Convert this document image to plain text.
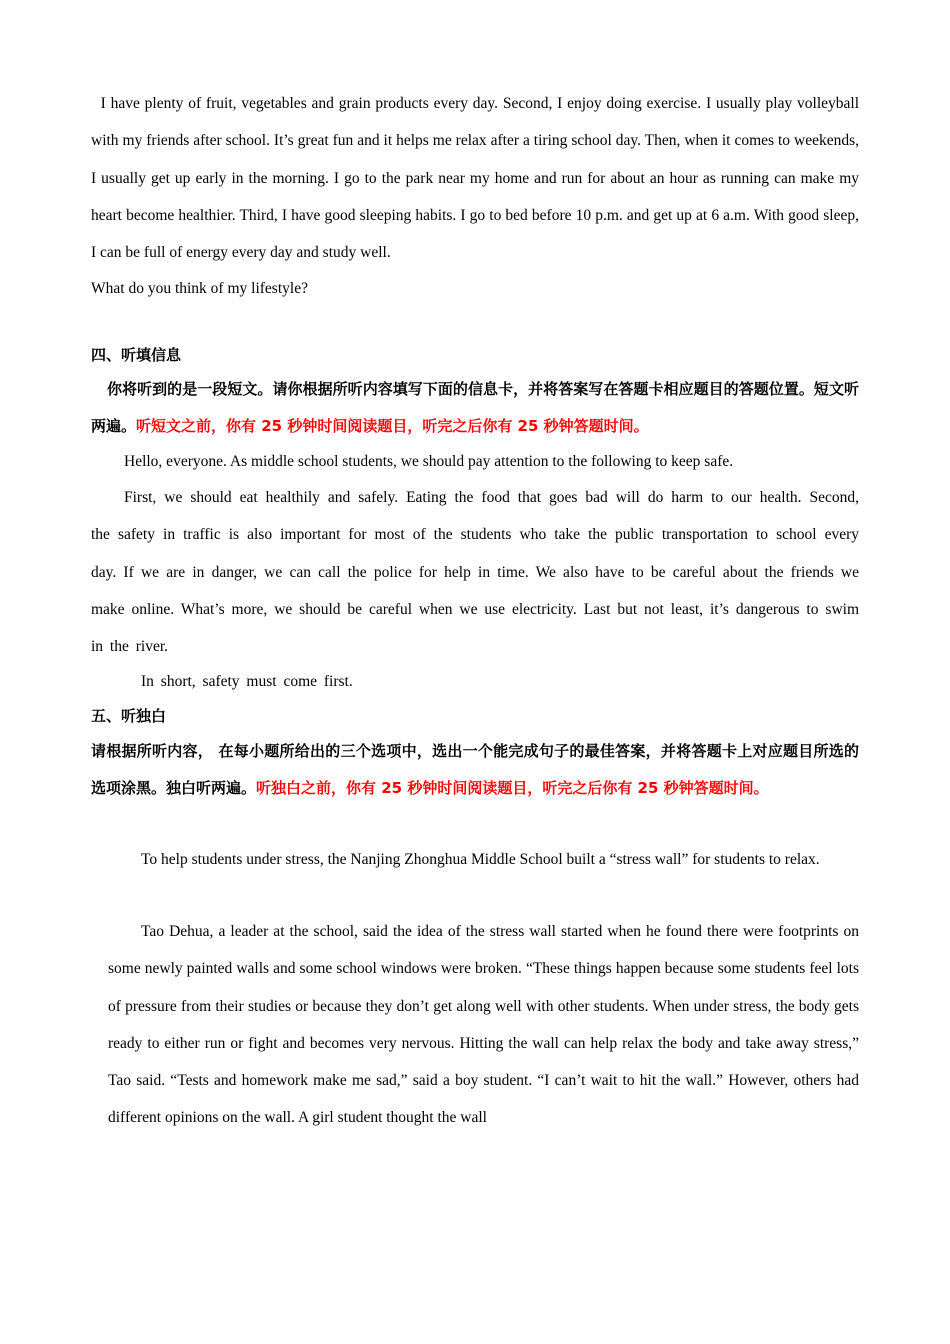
I have plenty of fruit, vegetables and grain products every day. Second, I enjoy doing exercise. I usually play volleyball with my friends after school. It’s great fun and it helps me relax after a tiring school day. Then, when it comes to weekends, I usually get up early in the morning. I go to the park near my home and run for about an hour as running can make my heart become healthier. Third, I have good sleeping habits. I go to bed before 10 p.m. and get up at 6 a.m. With good sleep, I can be full of energy every day and study well.

What do you think of my lifestyle?

四、听填信息

你将听到的是一段短文。请你根据所听内容填写下面的信息卡，并将答案写在答题卡相应题目的答题位置。短文听两遍。听短文之前，你有 25 秒钟时间阅读题目，听完之后你有 25 秒钟答题时间。

Hello, everyone. As middle school students, we should pay attention to the following to keep safe.

First, we should eat healthily and safely. Eating the food that goes bad will do harm to our health. Second, the safety in traffic is also important for most of the students who take the public transportation to school every day. If we are in danger, we can call the police for help in time. We also have to be careful about the friends we make online. What’s more, we should be careful when we use electricity. Last but not least, it’s dangerous to swim in the river.

In short, safety must come first.

五、听独白

请根据所听内容， 在每小题所给出的三个选项中，选出一个能完成句子的最佳答案，并将答题卡上对应题目所选的选项涂黑。独白听两遍。听独白之前，你有 25 秒钟时间阅读题目，听完之后你有 25 秒钟答题时间。

To help students under stress, the Nanjing Zhonghua Middle School built a “stress wall” for students to relax.

Tao Dehua, a leader at the school, said the idea of the stress wall started when he found there were footprints on some newly painted walls and some school windows were broken. “These things happen because some students feel lots of pressure from their studies or because they don’t get along well with other students. When under stress, the body gets ready to either run or fight and becomes very nervous. Hitting the wall can help relax the body and take away stress,” Tao said. “Tests and homework make me sad,” said a boy student. “I can’t wait to hit the wall.” However, others had different opinions on the wall. A girl student thought the wall
